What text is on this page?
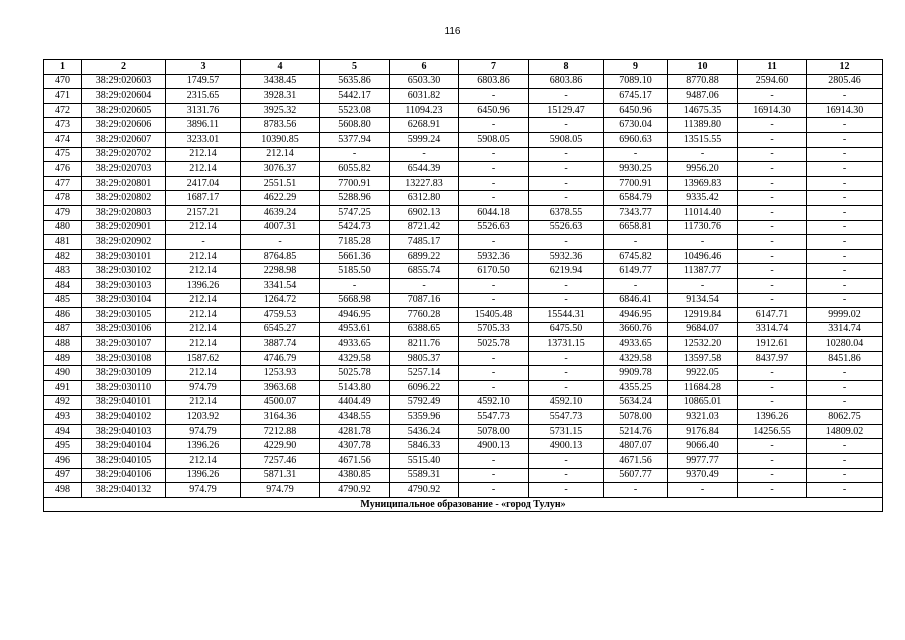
116
1	2	3	4	5	6	7	8	9	10	11	12
470	38:29:020603	1749.57	3438.45	5635.86	6503.30	6803.86	6803.86	7089.10	8770.88	2594.60	2805.46
471	38:29:020604	2315.65	3928.31	5442.17	6031.82	-	-	6745.17	9487.06	-	-
472	38:29:020605	3131.76	3925.32	5523.08	11094.23	6450.96	15129.47	6450.96	14675.35	16914.30	16914.30
473	38:29:020606	3896.11	8783.56	5608.80	6268.91	-	-	6730.04	11389.80	-	-
474	38:29:020607	3233.01	10390.85	5377.94	5999.24	5908.05	5908.05	6960.63	13515.55	-	-
475	38:29:020702	212.14	212.14	-	-	-	-	-	-	-	-
476	38:29:020703	212.14	3076.37	6055.82	6544.39	-	-	9930.25	9956.20	-	-
477	38:29:020801	2417.04	2551.51	7700.91	13227.83	-	-	7700.91	13969.83	-	-
478	38:29:020802	1687.17	4622.29	5288.96	6312.80	-	-	6584.79	9335.42	-	-
479	38:29:020803	2157.21	4639.24	5747.25	6902.13	6044.18	6378.55	7343.77	11014.40	-	-
480	38:29:020901	212.14	4007.31	5424.73	8721.42	5526.63	5526.63	6658.81	11730.76	-	-
481	38:29:020902	-	-	7185.28	7485.17	-	-	-	-	-	-
482	38:29:030101	212.14	8764.85	5661.36	6899.22	5932.36	5932.36	6745.82	10496.46	-	-
483	38:29:030102	212.14	2298.98	5185.50	6855.74	6170.50	6219.94	6149.77	11387.77	-	-
484	38:29:030103	1396.26	3341.54	-	-	-	-	-	-	-	-
485	38:29:030104	212.14	1264.72	5668.98	7087.16	-	-	6846.41	9134.54	-	-
486	38:29:030105	212.14	4759.53	4946.95	7760.28	15405.48	15544.31	4946.95	12919.84	6147.71	9999.02
487	38:29:030106	212.14	6545.27	4953.61	6388.65	5705.33	6475.50	3660.76	9684.07	3314.74	3314.74
488	38:29:030107	212.14	3887.74	4933.65	8211.76	5025.78	13731.15	4933.65	12532.20	1912.61	10280.04
489	38:29:030108	1587.62	4746.79	4329.58	9805.37	-	-	4329.58	13597.58	8437.97	8451.86
490	38:29:030109	212.14	1253.93	5025.78	5257.14	-	-	9909.78	9922.05	-	-
491	38:29:030110	974.79	3963.68	5143.80	6096.22	-	-	4355.25	11684.28	-	-
492	38:29:040101	212.14	4500.07	4404.49	5792.49	4592.10	4592.10	5634.24	10865.01	-	-
493	38:29:040102	1203.92	3164.36	4348.55	5359.96	5547.73	5547.73	5078.00	9321.03	1396.26	8062.75
494	38:29:040103	974.79	7212.88	4281.78	5436.24	5078.00	5731.15	5214.76	9176.84	14256.55	14809.02
495	38:29:040104	1396.26	4229.90	4307.78	5846.33	4900.13	4900.13	4807.07	9066.40	-	-
496	38:29:040105	212.14	7257.46	4671.56	5515.40	-	-	4671.56	9977.77	-	-
497	38:29:040106	1396.26	5871.31	4380.85	5589.31	-	-	5607.77	9370.49	-	-
498	38:29:040132	974.79	974.79	4790.92	4790.92	-	-	-	-	-	-
Муниципальное образование - «город Тулун»											
